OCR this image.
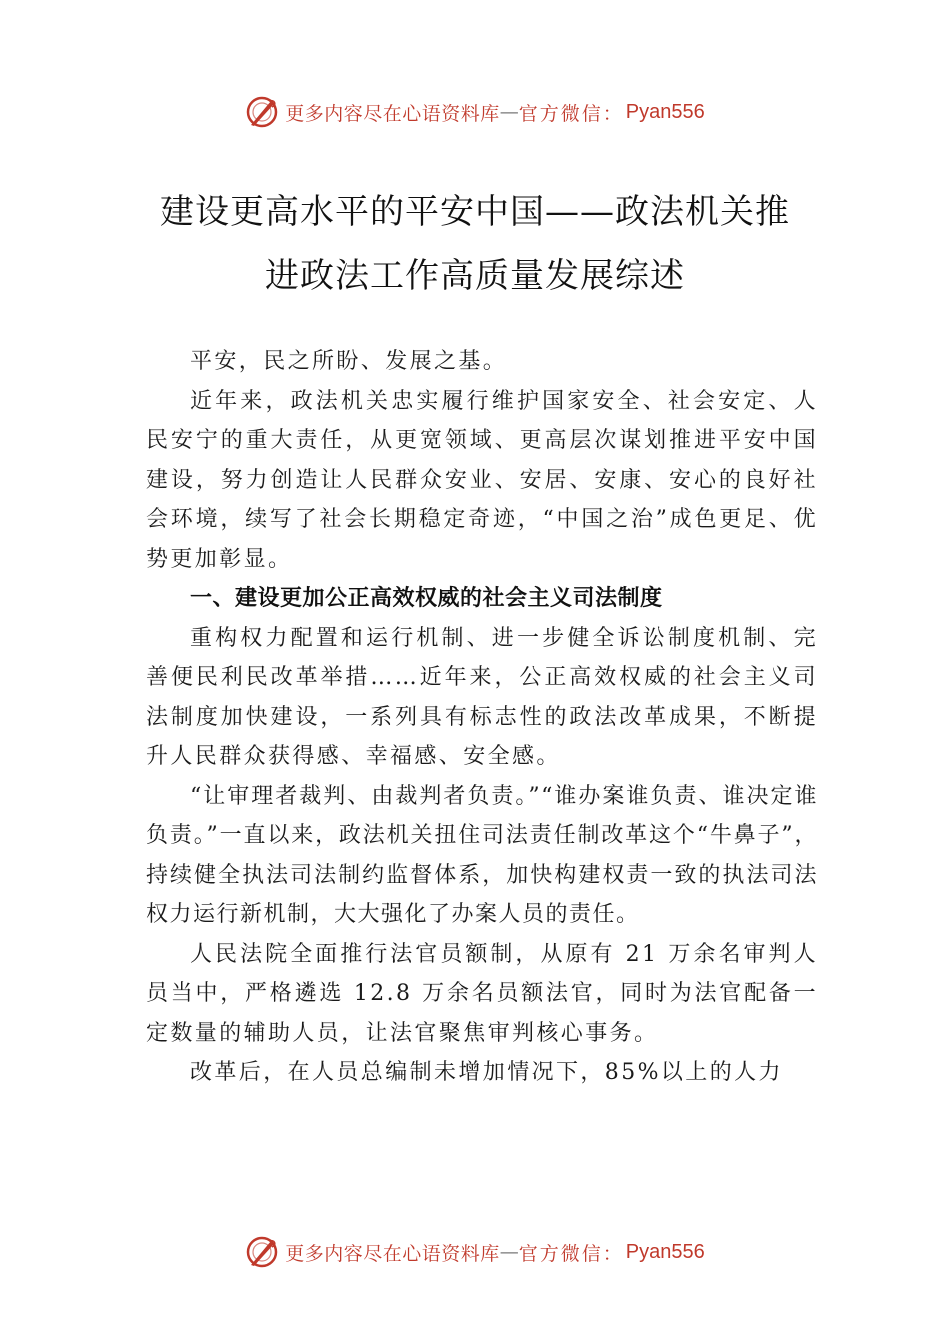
更多内容尽在心语资料库 — 官方微信： Pyan556
建设更高水平的平安中国——政法机关推
进政法工作高质量发展综述

平安，民之所盼、发展之基。

近年来，政法机关忠实履行维护国家安全、社会安定、人民安宁的重大责任，从更宽领域、更高层次谋划推进平安中国建设，努力创造让人民群众安业、安居、安康、安心的良好社会环境，续写了社会长期稳定奇迹，“中国之治”成色更足、优势更加彰显。

一、建设更加公正高效权威的社会主义司法制度

重构权力配置和运行机制、进一步健全诉讼制度机制、完善便民利民改革举措……近年来，公正高效权威的社会主义司法制度加快建设，一系列具有标志性的政法改革成果，不断提升人民群众获得感、幸福感、安全感。

“让审理者裁判、由裁判者负责。”“谁办案谁负责、谁决定谁负责。”一直以来，政法机关扭住司法责任制改革这个“牛鼻子”，持续健全执法司法制约监督体系，加快构建权责一致的执法司法权力运行新机制，大大强化了办案人员的责任。

人民法院全面推行法官员额制，从原有 21 万余名审判人员当中，严格遴选 12.8 万余名员额法官，同时为法官配备一定数量的辅助人员，让法官聚焦审判核心事务。

改革后，在人员总编制未增加情况下，85%以上的人力

更多内容尽在心语资料库 — 官方微信： Pyan556
